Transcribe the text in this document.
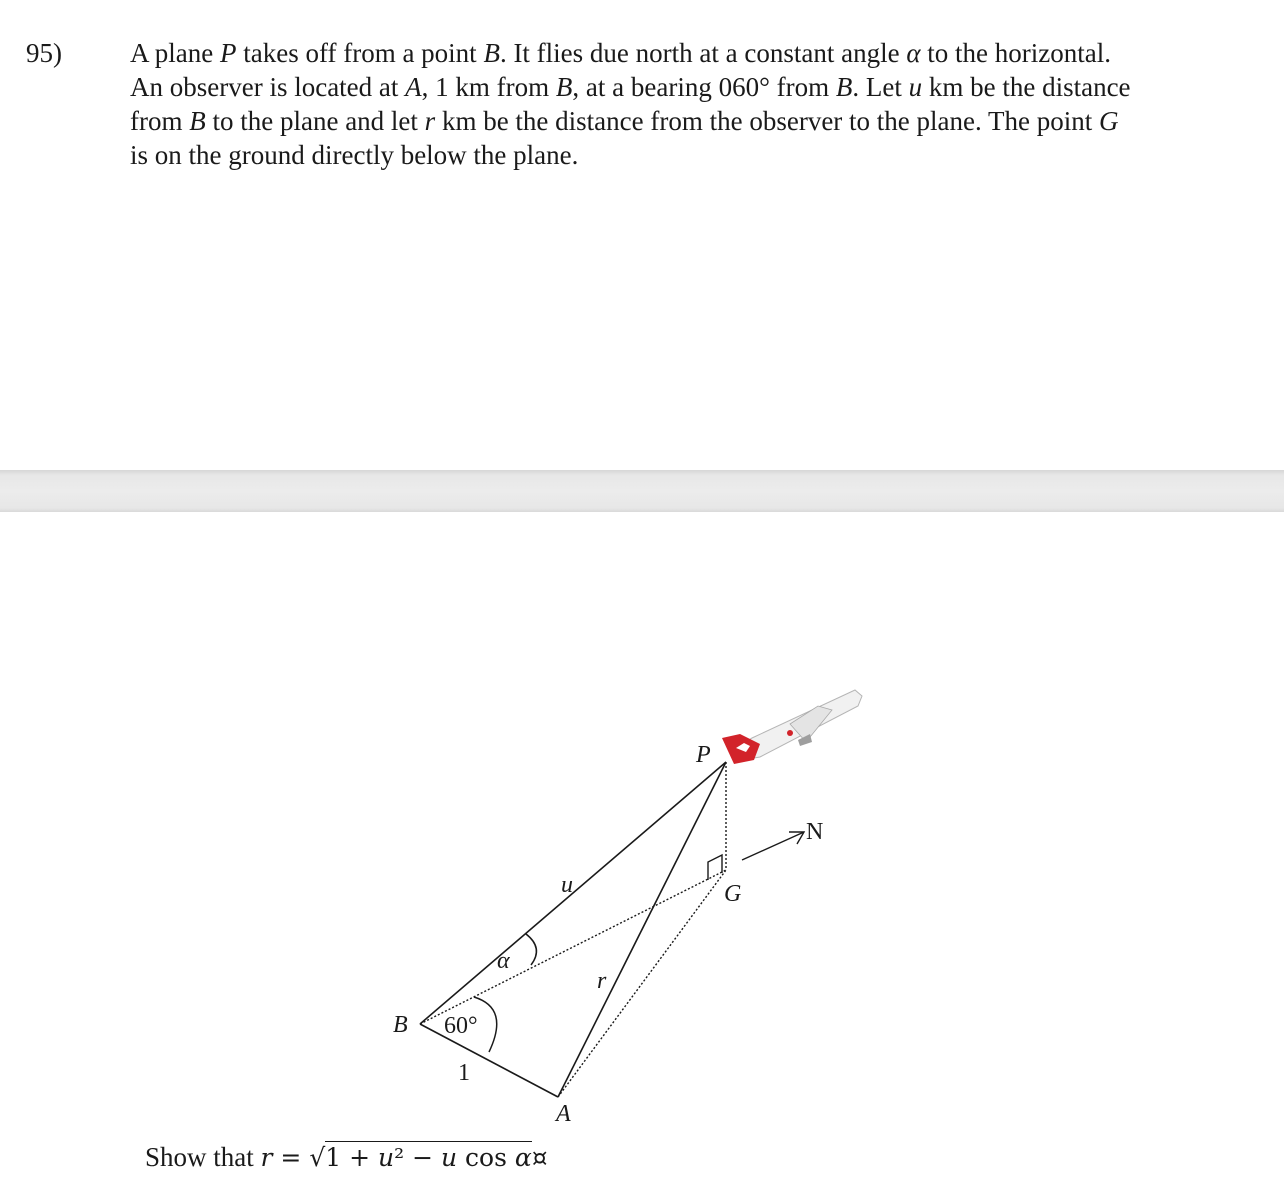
95)	A plane P takes off from a point B. It flies due north at a constant angle α to the horizontal.
An observer is located at A, 1 km from B, at a bearing 060° from B. Let u km be the distance
from B to the plane and let r km be the distance from the observer to the plane. The point G
is on the ground directly below the plane.
P
G
N
B
A
u
r
α
60°
1
Show that r = √1 + u² − u cos α¤
